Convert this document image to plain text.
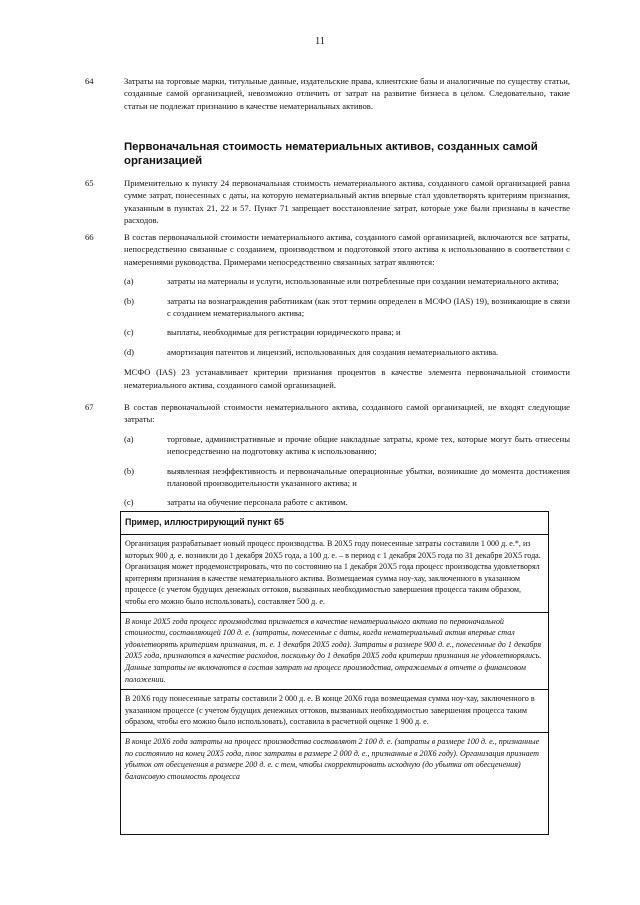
11
64	Затраты на торговые марки, титульные данные, издательские права, клиентские базы и аналогичные по существу статьи, созданные самой организацией, невозможно отличить от затрат на развитие бизнеса в целом. Следовательно, такие статьи не подлежат признанию в качестве нематериальных активов.
Первоначальная стоимость нематериальных активов, созданных самой организацией
65	Применительно к пункту 24 первоначальная стоимость нематериального актива, созданного самой организацией равна сумме затрат, понесенных с даты, на которую нематериальный актив впервые стал удовлетворять критериям признания, указанным в пунктах 21, 22 и 57. Пункт 71 запрещает восстановление затрат, которые уже были признаны в качестве расходов.
66	В состав первоначальной стоимости нематериального актива, созданного самой организацией, включаются все затраты, непосредственно связанные с созданием, производством и подготовкой этого актива к использованию в соответствии с намерениями руководства. Примерами непосредственно связанных затрат являются:
(a)	затраты на материалы и услуги, использованные или потребленные при создании нематериального актива;
(b)	затраты на вознаграждения работникам (как этот термин определен в МСФО (IAS) 19), возникающие в связи с созданием нематериального актива;
(c)	выплаты, необходимые для регистрации юридического права; и
(d)	амортизация патентов и лицензий, использованных для создания нематериального актива.
МСФО (IAS) 23 устанавливает критерии признания процентов в качестве элемента первоначальной стоимости нематериального актива, созданного самой организацией.
67	В состав первоначальной стоимости нематериального актива, созданного самой организацией, не входят следующие затраты:
(a)	торговые, административные и прочие общие накладные затраты, кроме тех, которые могут быть отнесены непосредственно на подготовку актива к использованию;
(b)	выявленная неэффективность и первоначальные операционные убытки, возникшие до момента достижения плановой производительности указанного актива; и
(c)	затраты на обучение персонала работе с активом.
Пример, иллюстрирующий пункт 65
Организация разрабатывает новый процесс производства. В 20X5 году понесенные затраты составили 1 000 д. е.*, из которых 900 д. е. возникли до 1 декабря 20X5 года, а 100 д. е. – в период с 1 декабря 20X5 года по 31 декабря 20X5 года. Организация может продемонстрировать, что по состоянию на 1 декабря 20X5 года процесс производства удовлетворял критериям признания в качестве нематериального актива. Возмещаемая сумма ноу-хау, заключенного в указанном процессе (с учетом будущих денежных оттоков, вызванных необходимостью завершения процесса таким образом, чтобы его можно было использовать), составляет 500 д. е.
В конце 20X5 года процесс производства признается в качестве нематериального актива по первоначальной стоимости, составляющей 100 д. е. (затраты, понесенные с даты, когда нематериальный актив впервые стал удовлетворять критериям признания, т. е. 1 декабря 20X5 года). Затраты в размере 900 д. е., понесенные до 1 декабря 20X5 года, признаются в качестве расходов, поскольку до 1 декабря 20X5 года критерии признания не удовлетворялись. Данные затраты не включаются в состав затрат на процесс производства, отражаемых в отчете о финансовом положении.
В 20X6 году понесенные затраты составили 2 000 д. е. В конце 20X6 года возмещаемая сумма ноу-хау, заключенного в указанном процессе (с учетом будущих денежных оттоков, вызванных необходимостью завершения процесса таким образом, чтобы его можно было использовать), составила в расчетной оценке 1 900 д. е.
В конце 20X6 года затраты на процесс производства составляют 2 100 д. е. (затраты в размере 100 д. е., признанные по состоянию на конец 20X5 года, плюс затраты в размере 2 000 д. е., признанные в 20X6 году). Организация признает убыток от обесценения в размере 200 д. е. с тем, чтобы скорректировать исходную (до убытка от обесценения) балансовую стоимость процесса
